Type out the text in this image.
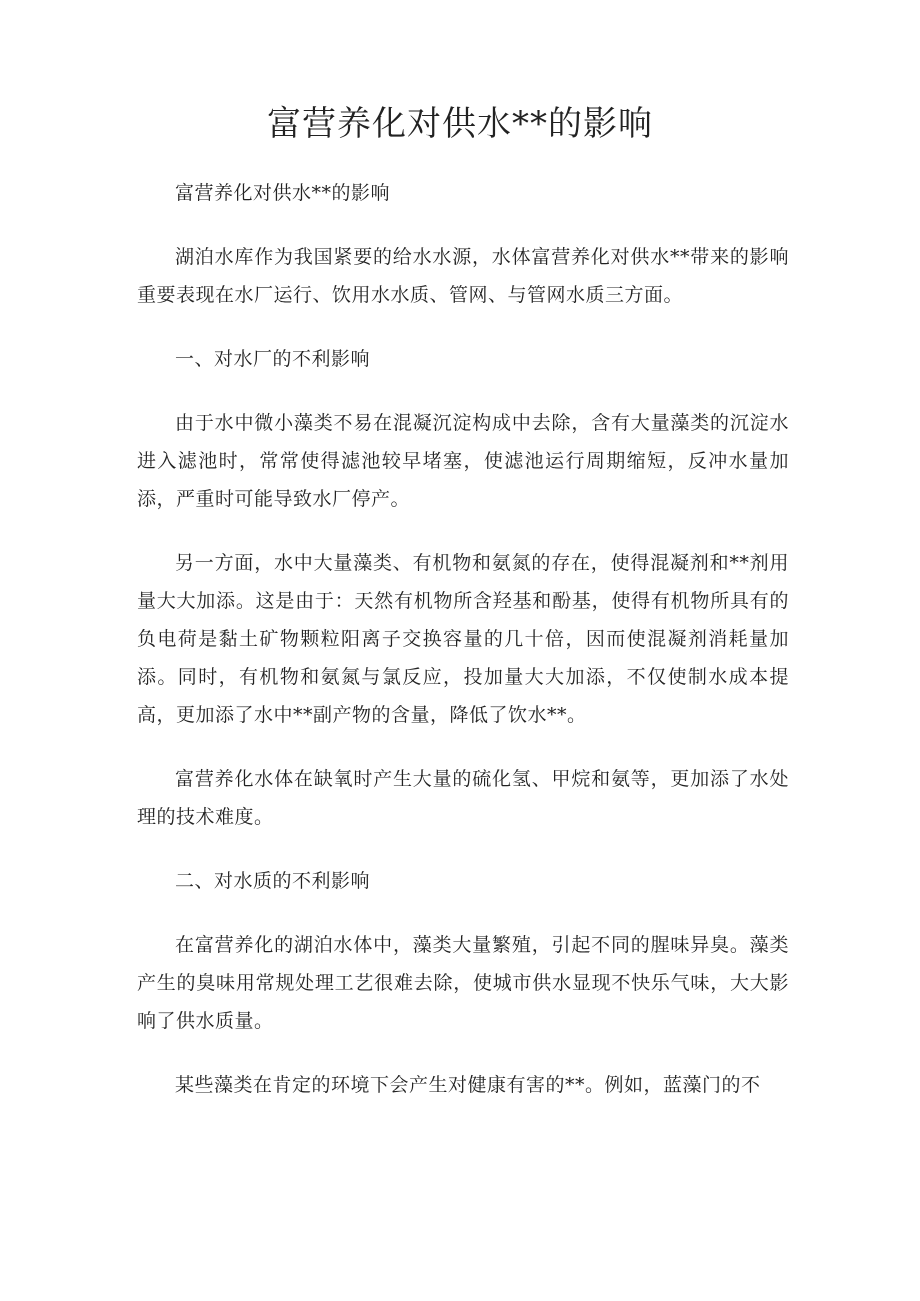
富营养化对供水**的影响

富营养化对供水**的影响

湖泊水库作为我国紧要的给水水源，水体富营养化对供水**带来的影响重要表现在水厂运行、饮用水水质、管网、与管网水质三方面。

一、对水厂的不利影响

由于水中微小藻类不易在混凝沉淀构成中去除，含有大量藻类的沉淀水进入滤池时，常常使得滤池较早堵塞，使滤池运行周期缩短，反冲水量加添，严重时可能导致水厂停产。

另一方面，水中大量藻类、有机物和氨氮的存在，使得混凝剂和**剂用量大大加添。这是由于：天然有机物所含羟基和酚基，使得有机物所具有的负电荷是黏土矿物颗粒阳离子交换容量的几十倍，因而使混凝剂消耗量加添。同时，有机物和氨氮与氯反应，投加量大大加添，不仅使制水成本提高，更加添了水中**副产物的含量，降低了饮水**。

富营养化水体在缺氧时产生大量的硫化氢、甲烷和氨等，更加添了水处理的技术难度。

二、对水质的不利影响

在富营养化的湖泊水体中，藻类大量繁殖，引起不同的腥味异臭。藻类产生的臭味用常规处理工艺很难去除，使城市供水显现不快乐气味，大大影响了供水质量。

某些藻类在肯定的环境下会产生对健康有害的**。例如，蓝藻门的不
